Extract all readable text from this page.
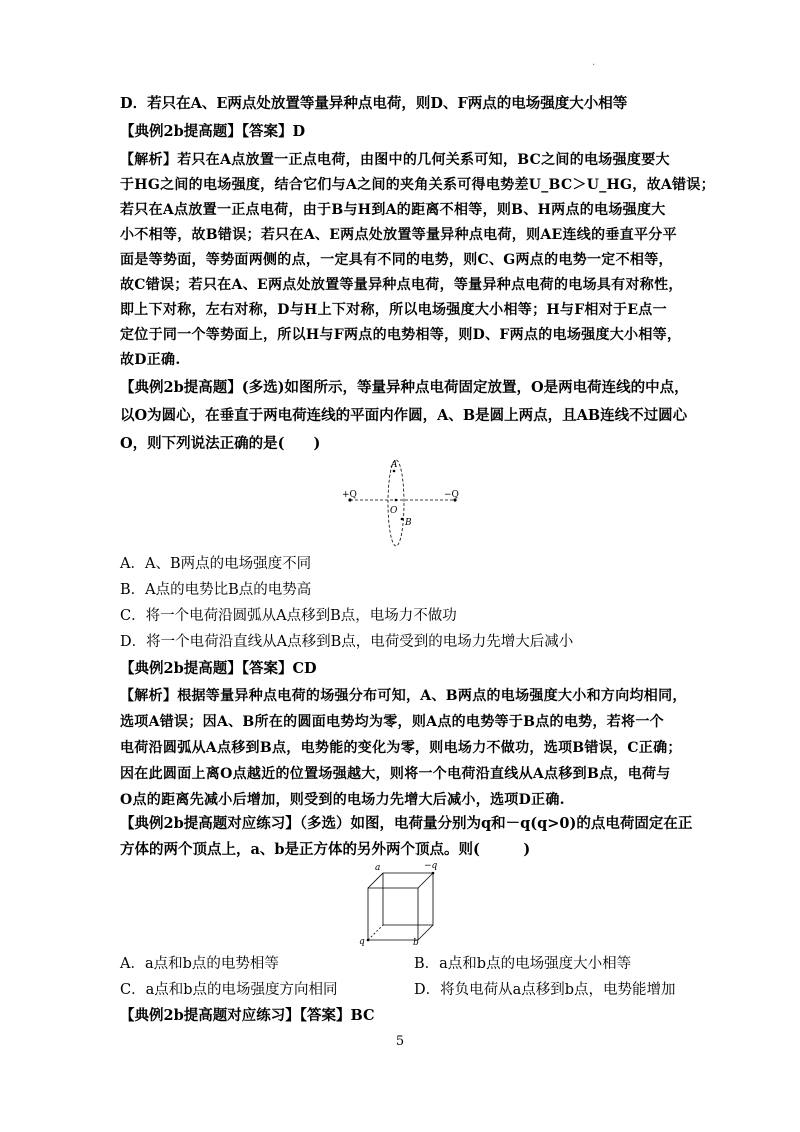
·
D．若只在A、E两点处放置等量异种点电荷，则D、F两点的电场强度大小相等
【典例2b提高题】【答案】D
【解析】若只在A点放置一正点电荷，由图中的几何关系可知，BC之间的电场强度要大
于HG之间的电场强度，结合它们与A之间的夹角关系可得电势差U_BC＞U_HG，故A错误；
若只在A点放置一正点电荷，由于B与H到A的距离不相等，则B、H两点的电场强度大
小不相等，故B错误；若只在A、E两点处放置等量异种点电荷，则AE连线的垂直平分平
面是等势面，等势面两侧的点，一定具有不同的电势，则C、G两点的电势一定不相等，
故C错误；若只在A、E两点处放置等量异种点电荷，等量异种点电荷的电场具有对称性，
即上下对称，左右对称，D与H上下对称，所以电场强度大小相等；H与F相对于E点一
定位于同一个等势面上，所以H与F两点的电势相等，则D、F两点的电场强度大小相等，
故D正确.
【典例2b提高题】(多选)如图所示，等量异种点电荷固定放置，O是两电荷连线的中点，
以O为圆心，在垂直于两电荷连线的平面内作圆，A、B是圆上两点，且AB连线不过圆心
O，则下列说法正确的是(　　)
+Q	−Q
A
O
B
A．A、B两点的电场强度不同
B．A点的电势比B点的电势高
C．将一个电荷沿圆弧从A点移到B点，电场力不做功
D．将一个电荷沿直线从A点移到B点，电荷受到的电场力先增大后减小
【典例2b提高题】【答案】CD
【解析】根据等量异种点电荷的场强分布可知，A、B两点的电场强度大小和方向均相同，
选项A错误；因A、B所在的圆面电势均为零，则A点的电势等于B点的电势，若将一个
电荷沿圆弧从A点移到B点，电势能的变化为零，则电场力不做功，选项B错误，C正确；
因在此圆面上离O点越近的位置场强越大，则将一个电荷沿直线从A点移到B点，电荷与
O点的距离先减小后增加，则受到的电场力先增大后减小，选项D正确.
【典例2b提高题对应练习】（多选）如图，电荷量分别为q和－q(q>0)的点电荷固定在正
方体的两个顶点上，a、b是正方体的另外两个顶点。则(　　　)
−q
q
a
b
A．a点和b点的电势相等	B．a点和b点的电场强度大小相等
C．a点和b点的电场强度方向相同	D．将负电荷从a点移到b点，电势能增加
【典例2b提高题对应练习】【答案】BC
5
